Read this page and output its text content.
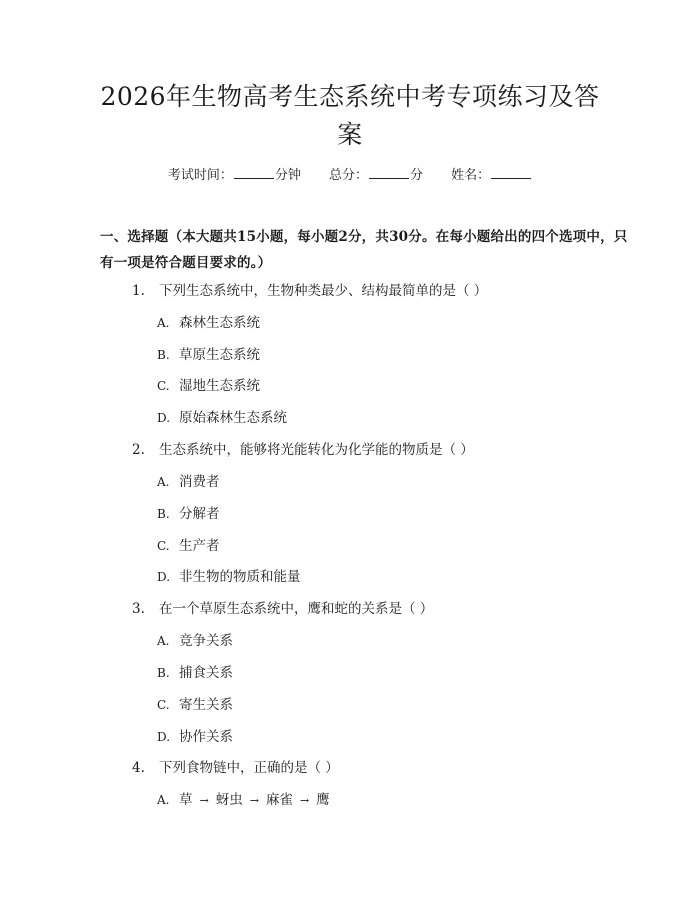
2026年生物高考生态系统中考专项练习及答案
考试时间：	分钟 总分：	分 姓名：
一、选择题（本大题共15小题，每小题2分，共30分。在每小题给出的四个选项中，只有一项是符合题目要求的。）
1. 下列生态系统中，生物种类最少、结构最简单的是（ ）
A. 森林生态系统
B. 草原生态系统
C. 湿地生态系统
D. 原始森林生态系统
2. 生态系统中，能够将光能转化为化学能的物质是（ ）
A. 消费者
B. 分解者
C. 生产者
D. 非生物的物质和能量
3. 在一个草原生态系统中，鹰和蛇的关系是（ ）
A. 竞争关系
B. 捕食关系
C. 寄生关系
D. 协作关系
4. 下列食物链中，正确的是（ ）
A. 草 → 蚜虫 → 麻雀 → 鹰
